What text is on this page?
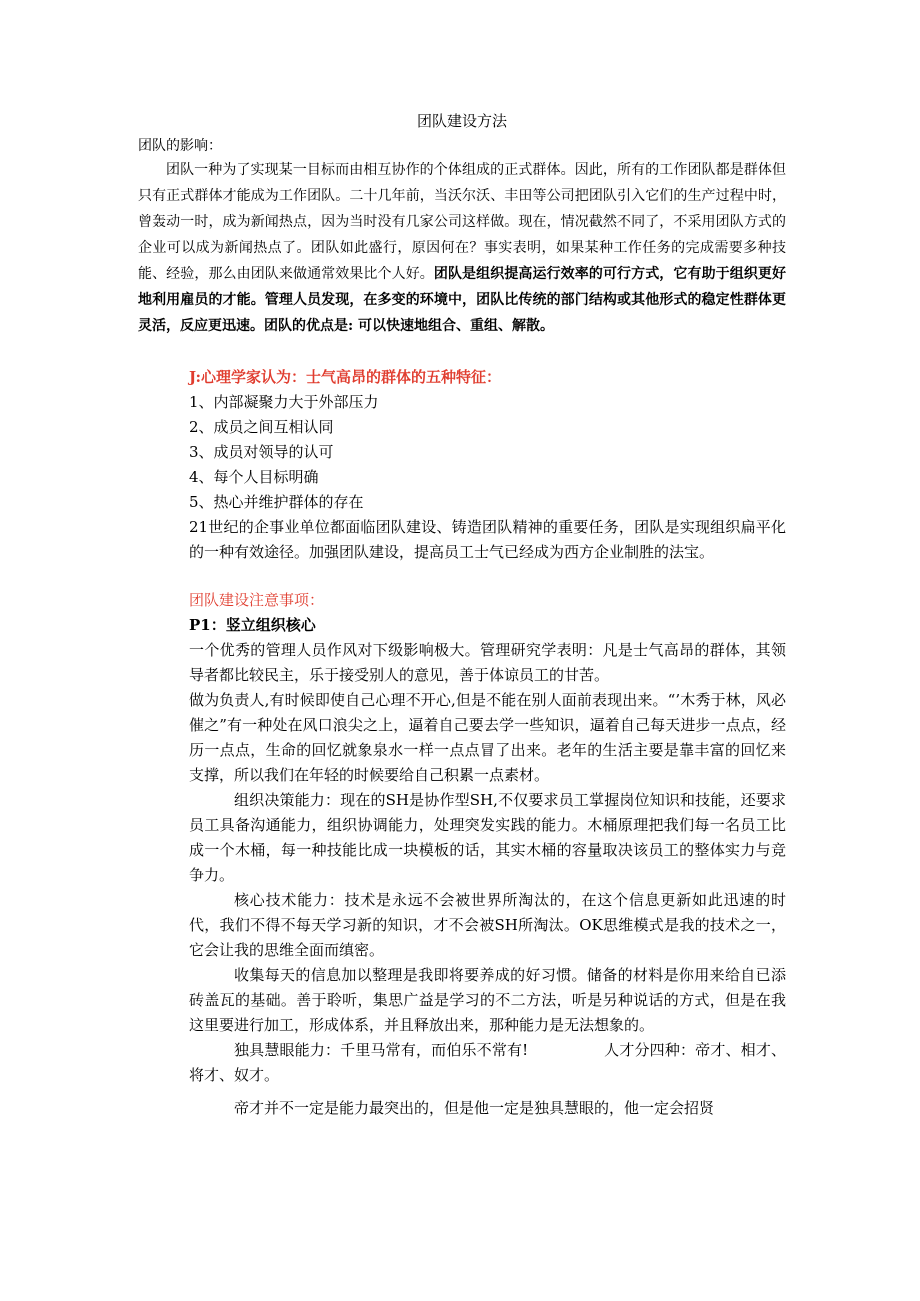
团队建设方法

团队的影响：

团队一种为了实现某一目标而由相互协作的个体组成的正式群体。因此，所有的工作团队都是群体但只有正式群体才能成为工作团队。二十几年前，当沃尔沃、丰田等公司把团队引入它们的生产过程中时，曾轰动一时，成为新闻热点，因为当时没有几家公司这样做。现在，情况截然不同了，不采用团队方式的企业可以成为新闻热点了。团队如此盛行，原因何在？事实表明，如果某种工作任务的完成需要多种技能、经验，那么由团队来做通常效果比个人好。团队是组织提高运行效率的可行方式，它有助于组织更好地利用雇员的才能。管理人员发现，在多变的环境中，团队比传统的部门结构或其他形式的稳定性群体更灵活，反应更迅速。团队的优点是: 可以快速地组合、重组、解散。

J:心理学家认为：士气高昂的群体的五种特征：

1、内部凝聚力大于外部压力

2、成员之间互相认同

3、成员对领导的认可

4、每个人目标明确

5、热心并维护群体的存在

21世纪的企事业单位都面临团队建设、铸造团队精神的重要任务，团队是实现组织扁平化的一种有效途径。加强团队建设，提高员工士气已经成为西方企业制胜的法宝。

团队建设注意事项：

P1：竖立组织核心

一个优秀的管理人员作风对下级影响极大。管理研究学表明：凡是士气高昂的群体，其领导者都比较民主，乐于接受别人的意见，善于体谅员工的甘苦。

做为负责人,有时候即使自己心理不开心,但是不能在别人面前表现出来。“’木秀于林，风必催之”有一种处在风口浪尖之上，逼着自己要去学一些知识，逼着自己每天进步一点点，经历一点点，生命的回忆就象泉水一样一点点冒了出来。老年的生活主要是靠丰富的回忆来支撑，所以我们在年轻的时候要给自己积累一点素材。

组织决策能力：现在的SH是协作型SH,不仅要求员工掌握岗位知识和技能，还要求员工具备沟通能力，组织协调能力，处理突发实践的能力。木桶原理把我们每一名员工比成一个木桶，每一种技能比成一块模板的话，其实木桶的容量取决该员工的整体实力与竞争力。

核心技术能力：技术是永远不会被世界所淘汰的，在这个信息更新如此迅速的时代，我们不得不每天学习新的知识，才不会被SH所淘汰。OK思维模式是我的技术之一，它会让我的思维全面而缜密。

收集每天的信息加以整理是我即将要养成的好习惯。储备的材料是你用来给自已添砖盖瓦的基础。善于聆听，集思广益是学习的不二方法，听是另种说话的方式，但是在我这里要进行加工，形成体系，并且释放出来，那种能力是无法想象的。

独具慧眼能力：千里马常有，而伯乐不常有!　　　　　人才分四种：帝才、相才、将才、奴才。

帝才并不一定是能力最突出的，但是他一定是独具慧眼的，他一定会招贤
